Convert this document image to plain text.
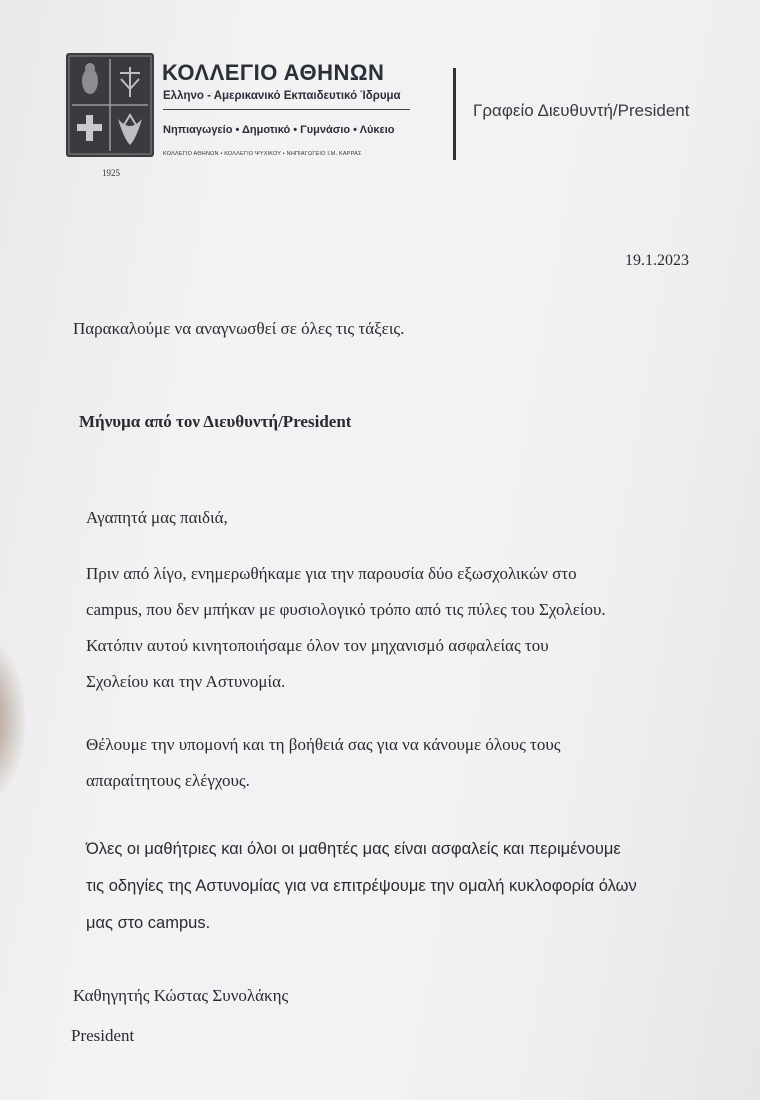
1925
ΚΟΛΛΕΓΙΟ ΑΘΗΝΩΝ
Ελληνο - Αμερικανικό Εκπαιδευτικό Ίδρυμα
Νηπιαγωγείο • Δημοτικό • Γυμνάσιο • Λύκειο
ΚΟΛΛΕΓΙΟ ΑΘΗΝΩΝ • ΚΟΛΛΕΓΙΟ ΨΥΧΙΚΟΥ • ΝΗΠΙΑΓΩΓΕΙΟ Ι.Μ. ΚΑΡΡΑΣ
Γραφείο Διευθυντή/President
19.1.2023
Παρακαλούμε να αναγνωσθεί σε όλες τις τάξεις.
Μήνυμα από τον Διευθυντή/President
Αγαπητά μας παιδιά,
Πριν από λίγο, ενημερωθήκαμε για την παρουσία δύο εξωσχολικών στο
campus, που δεν μπήκαν με φυσιολογικό τρόπο από τις πύλες του Σχολείου.
Κατόπιν αυτού κινητοποιήσαμε όλον τον μηχανισμό ασφαλείας του
Σχολείου και την Αστυνομία.
Θέλουμε την υπομονή και τη βοήθειά σας για να κάνουμε όλους τους
απαραίτητους ελέγχους.
Όλες οι μαθήτριες και όλοι οι μαθητές μας είναι ασφαλείς και περιμένουμε
τις οδηγίες της Αστυνομίας για να επιτρέψουμε την ομαλή κυκλοφορία όλων
μας στο campus.
Καθηγητής Κώστας Συνολάκης
President
